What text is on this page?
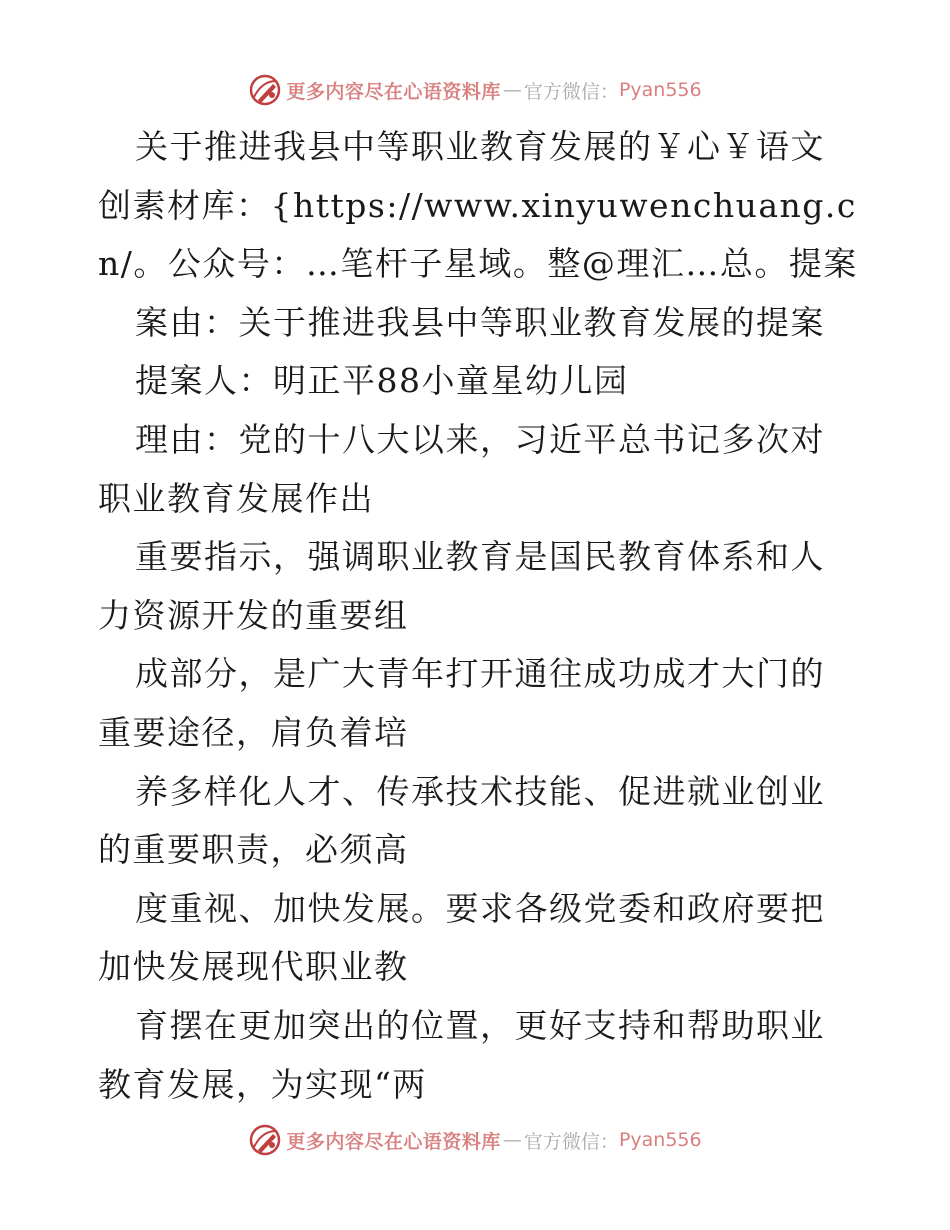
更多内容尽在心语资料库 — 官方微信： Pyan556

关于推进我县中等职业教育发展的￥心￥语文创素材库：{https://www.xinyuwenchuang.cn/。公众号：…笔杆子星域。整@理汇…总。提案

案由：关于推进我县中等职业教育发展的提案

提案人：明正平88小童星幼儿园

理由：党的十八大以来，习近平总书记多次对职业教育发展作出

重要指示，强调职业教育是国民教育体系和人力资源开发的重要组

成部分，是广大青年打开通往成功成才大门的重要途径，肩负着培

养多样化人才、传承技术技能、促进就业创业的重要职责，必须高

度重视、加快发展。要求各级党委和政府要把加快发展现代职业教

育摆在更加突出的位置，更好支持和帮助职业教育发展，为实现“两

更多内容尽在心语资料库 — 官方微信： Pyan556
